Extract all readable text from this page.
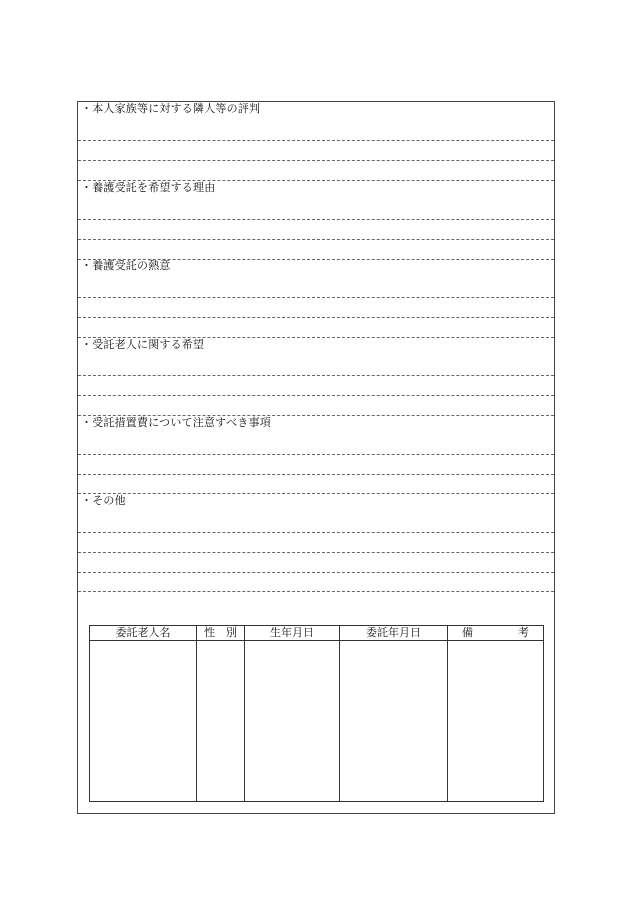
・本人家族等に対する隣人等の評判
・養護受託を希望する理由
・養護受託の熱意
・受託老人に関する希望
・受託措置費について注意すべき事項
・その他
委託老人名	性 別	生年月日	委託年月日	備 考
